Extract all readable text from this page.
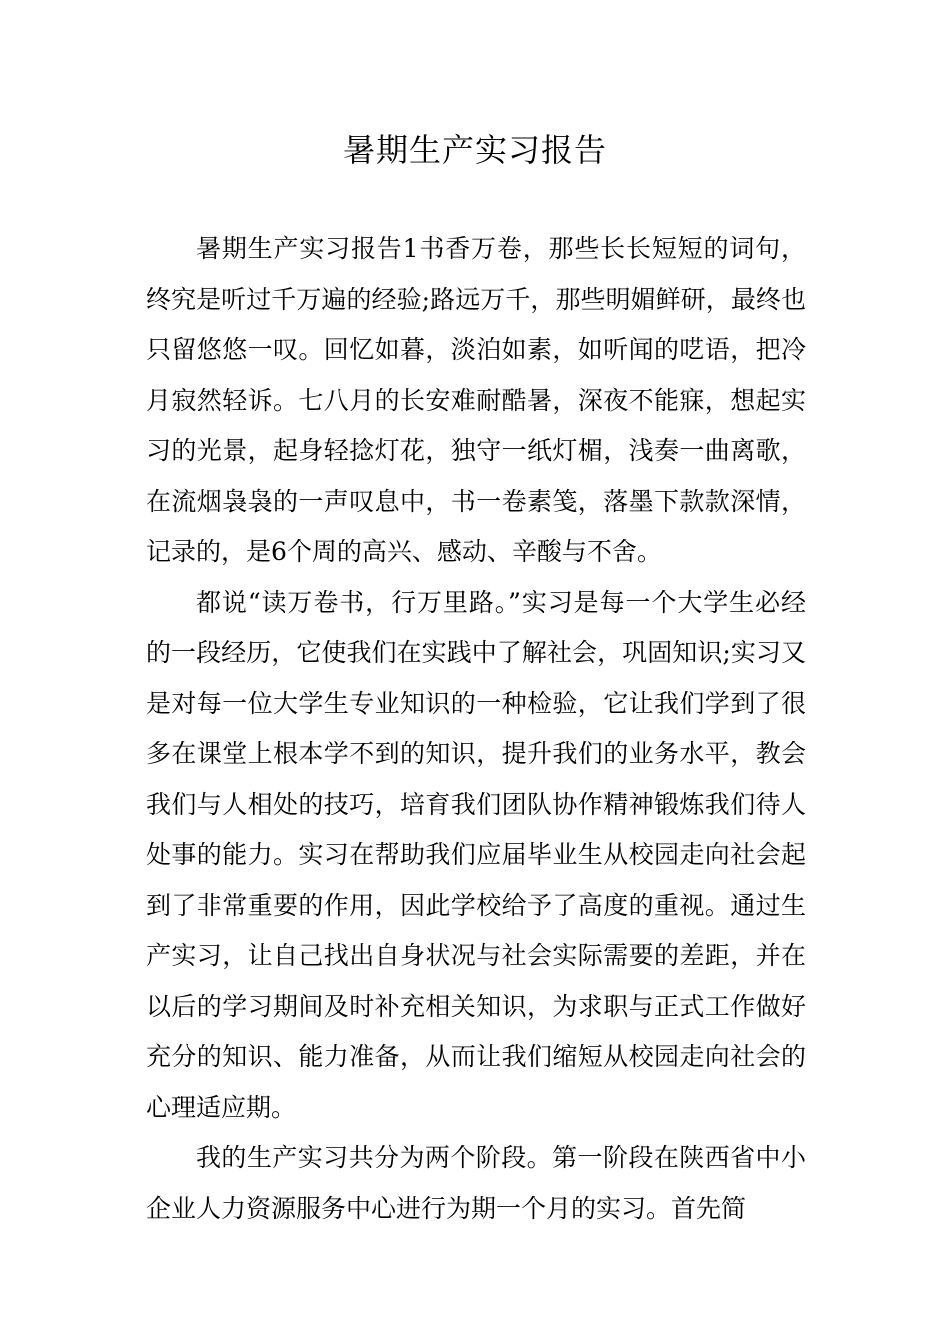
暑期生产实习报告

暑期生产实习报告1书香万卷，那些长长短短的词句，终究是听过千万遍的经验;路远万千，那些明媚鲜研，最终也只留悠悠一叹。回忆如暮，淡泊如素，如听闻的呓语，把冷月寂然轻诉。七八月的长安难耐酷暑，深夜不能寐，想起实习的光景，起身轻捻灯花，独守一纸灯楣，浅奏一曲离歌，在流烟袅袅的一声叹息中，书一卷素笺，落墨下款款深情，记录的，是6个周的高兴、感动、辛酸与不舍。

都说“读万卷书，行万里路。”实习是每一个大学生必经的一段经历，它使我们在实践中了解社会，巩固知识;实习又是对每一位大学生专业知识的一种检验，它让我们学到了很多在课堂上根本学不到的知识，提升我们的业务水平，教会我们与人相处的技巧，培育我们团队协作精神锻炼我们待人处事的能力。实习在帮助我们应届毕业生从校园走向社会起到了非常重要的作用，因此学校给予了高度的重视。通过生产实习，让自己找出自身状况与社会实际需要的差距，并在以后的学习期间及时补充相关知识，为求职与正式工作做好充分的知识、能力准备，从而让我们缩短从校园走向社会的心理适应期。

我的生产实习共分为两个阶段。第一阶段在陕西省中小企业人力资源服务中心进行为期一个月的实习。首先简
